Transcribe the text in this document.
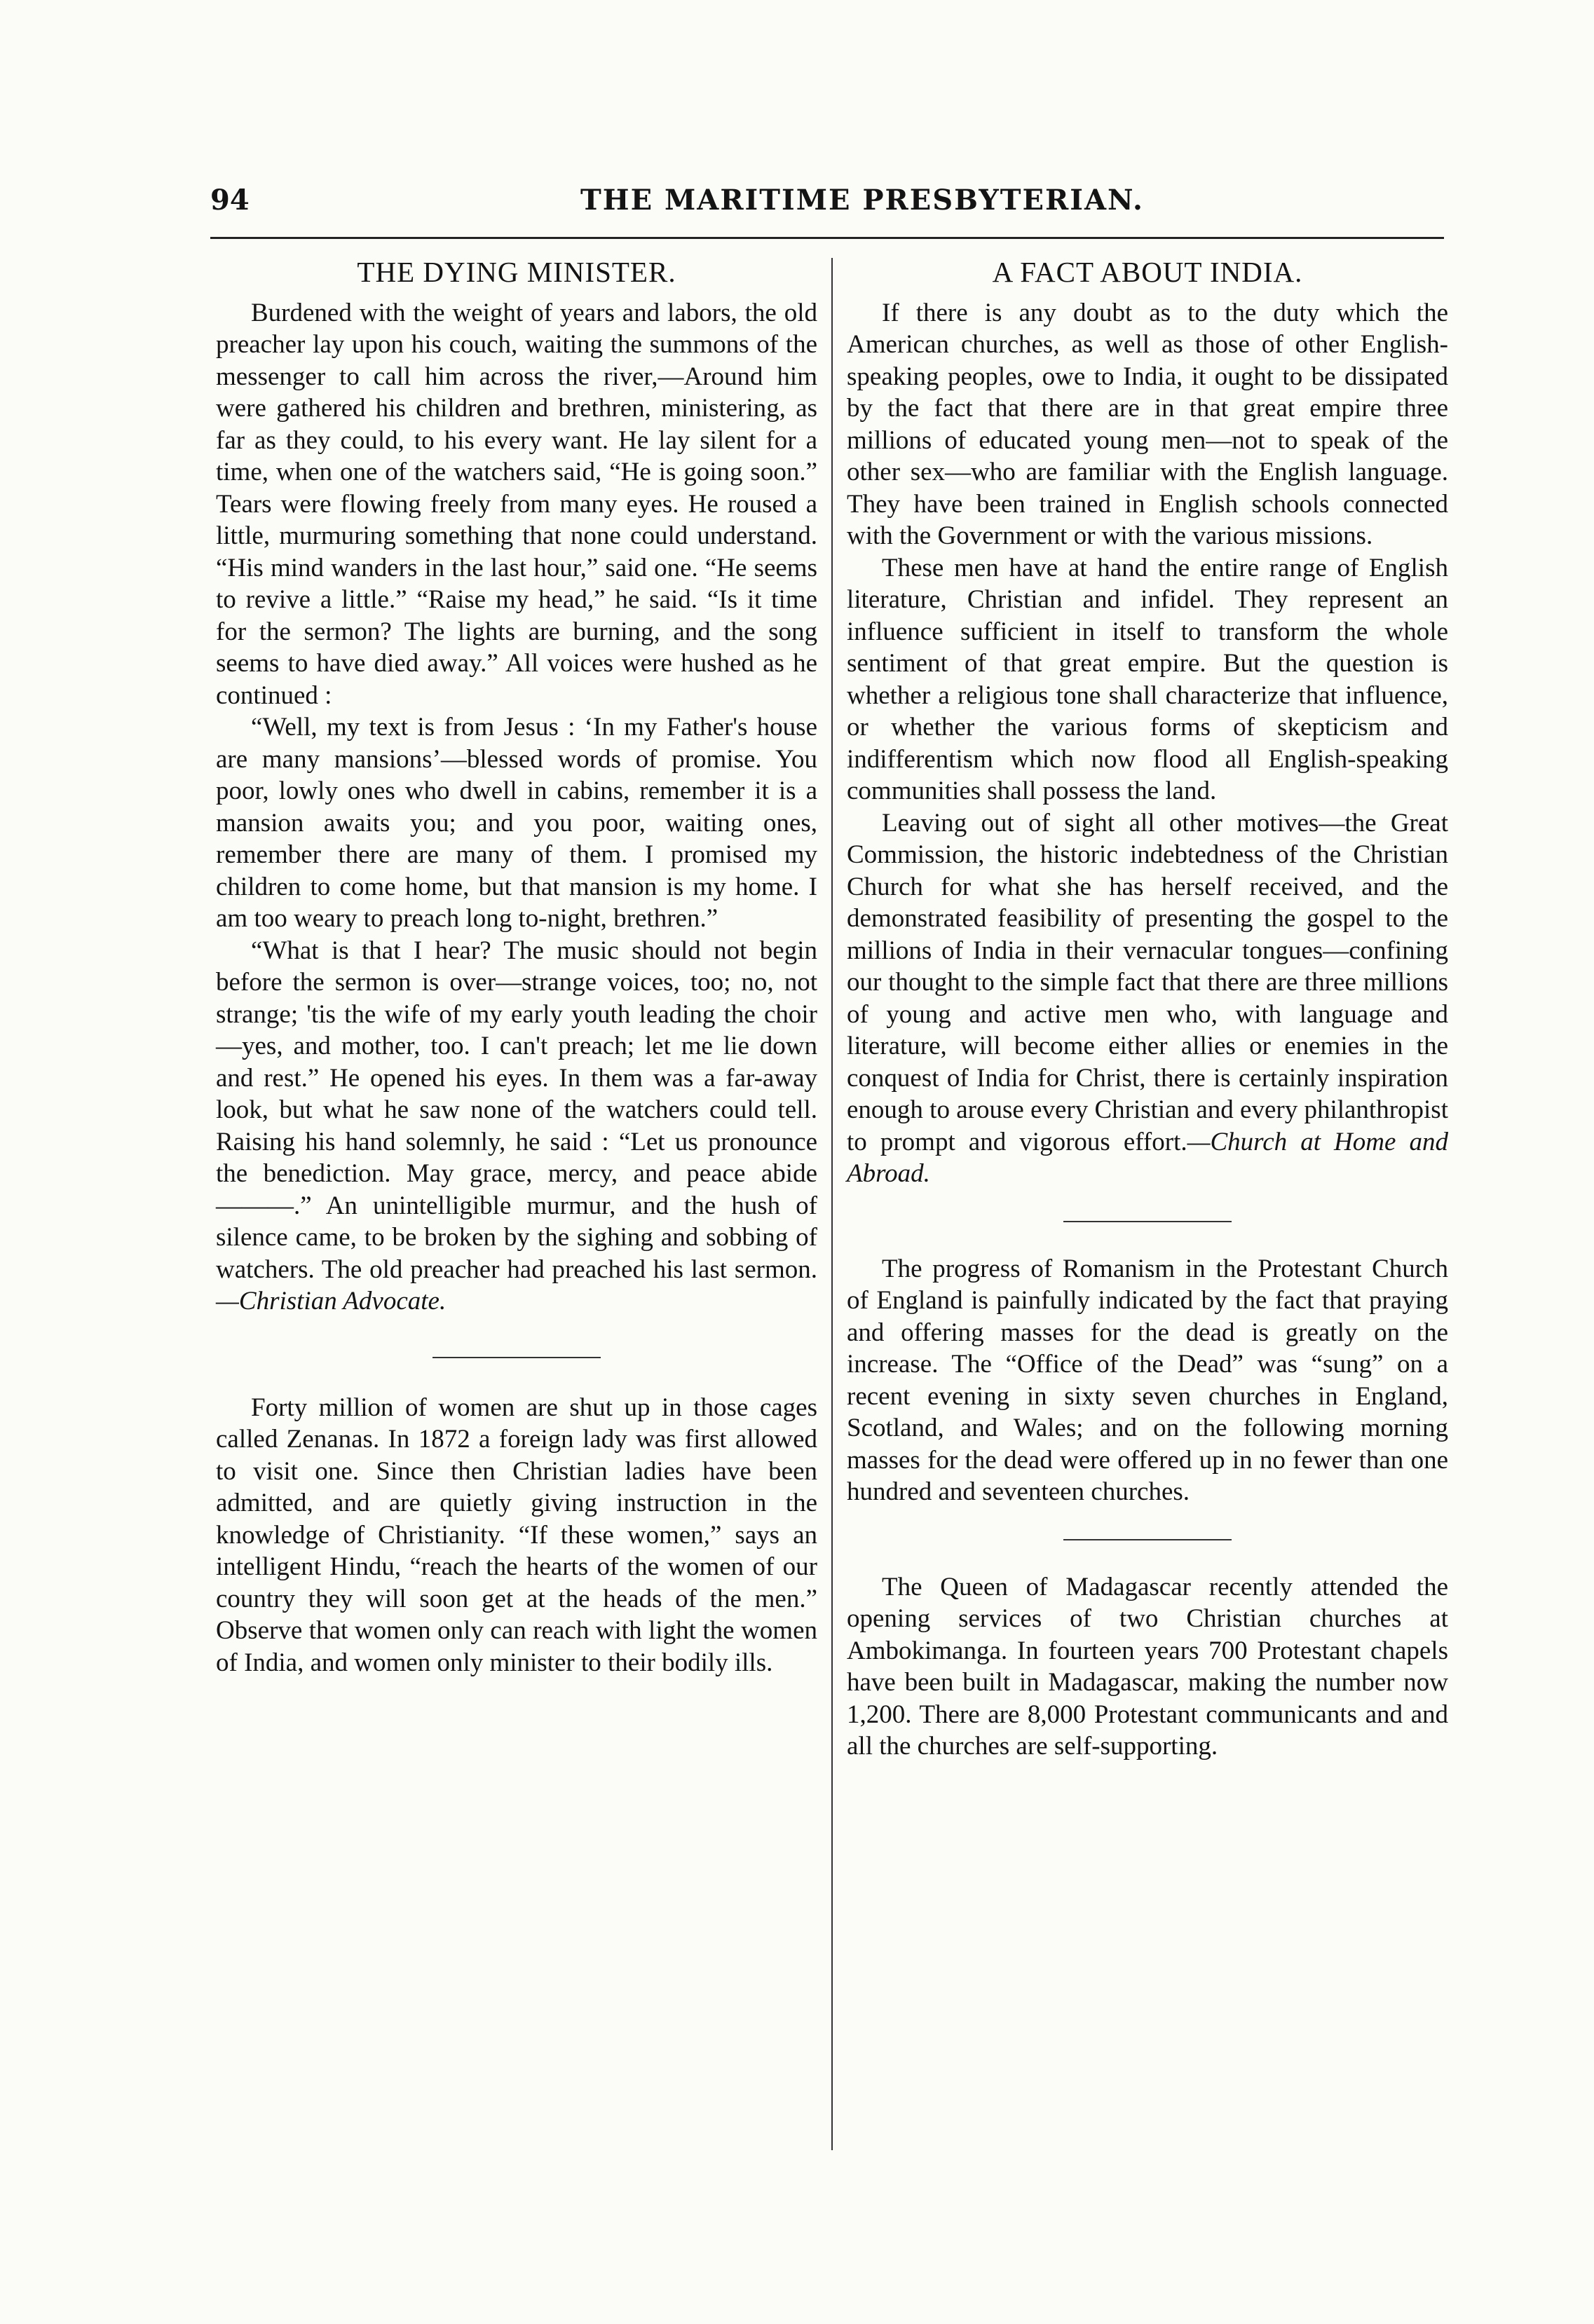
94	THE MARITIME PRESBYTERIAN.
THE DYING MINISTER.

Burdened with the weight of years and labors, the old preacher lay upon his couch, waiting the summons of the messenger to call him across the river,—Around him were gathered his children and brethren, ministering, as far as they could, to his every want. He lay silent for a time, when one of the watchers said, “He is going soon.” Tears were flowing freely from many eyes. He roused a little, murmuring something that none could understand. “His mind wanders in the last hour,” said one. “He seems to revive a little.” “Raise my head,” he said. “Is it time for the sermon? The lights are burning, and the song seems to have died away.” All voices were hushed as he continued :

“Well, my text is from Jesus : ‘In my Father's house are many mansions’—blessed words of promise. You poor, lowly ones who dwell in cabins, remember it is a mansion awaits you; and you poor, waiting ones, remember there are many of them. I promised my children to come home, but that mansion is my home. I am too weary to preach long to-night, brethren.”

“What is that I hear? The music should not begin before the sermon is over—strange voices, too; no, not strange; 'tis the wife of my early youth leading the choir—yes, and mother, too. I can't preach; let me lie down and rest.” He opened his eyes. In them was a far-away look, but what he saw none of the watchers could tell. Raising his hand solemnly, he said : “Let us pronounce the benediction. May grace, mercy, and peace abide———.” An unintelligible murmur, and the hush of silence came, to be broken by the sighing and sobbing of watchers. The old preacher had preached his last sermon.—Christian Advocate.

Forty million of women are shut up in those cages called Zenanas. In 1872 a foreign lady was first allowed to visit one. Since then Christian ladies have been admitted, and are quietly giving instruction in the knowledge of Christianity. “If these women,” says an intelligent Hindu, “reach the hearts of the women of our country they will soon get at the heads of the men.” Observe that women only can reach with light the women of India, and women only minister to their bodily ills.

A FACT ABOUT INDIA.

If there is any doubt as to the duty which the American churches, as well as those of other English-speaking peoples, owe to India, it ought to be dissipated by the fact that there are in that great empire three millions of educated young men—not to speak of the other sex—who are familiar with the English language. They have been trained in English schools connected with the Government or with the various missions.

These men have at hand the entire range of English literature, Christian and infidel. They represent an influence sufficient in itself to transform the whole sentiment of that great empire. But the question is whether a religious tone shall characterize that influence, or whether the various forms of skepticism and indifferentism which now flood all English-speaking communities shall possess the land.

Leaving out of sight all other motives—the Great Commission, the historic indebtedness of the Christian Church for what she has herself received, and the demonstrated feasibility of presenting the gospel to the millions of India in their vernacular tongues—confining our thought to the simple fact that there are three millions of young and active men who, with language and literature, will become either allies or enemies in the conquest of India for Christ, there is certainly inspiration enough to arouse every Christian and every philanthropist to prompt and vigorous effort.—Church at Home and Abroad.

The progress of Romanism in the Protestant Church of England is painfully indicated by the fact that praying and offering masses for the dead is greatly on the increase. The “Office of the Dead” was “sung” on a recent evening in sixty seven churches in England, Scotland, and Wales; and on the following morning masses for the dead were offered up in no fewer than one hundred and seventeen churches.

The Queen of Madagascar recently attended the opening services of two Christian churches at Ambokimanga. In fourteen years 700 Protestant chapels have been built in Madagascar, making the number now 1,200. There are 8,000 Protestant communicants and and all the churches are self-supporting.
